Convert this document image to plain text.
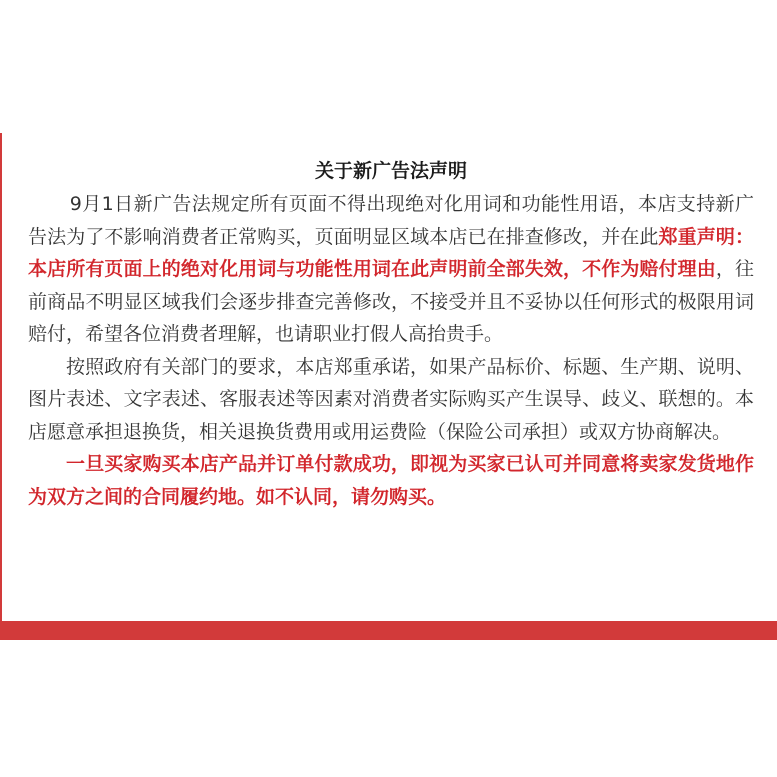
关于新广告法声明

9月1日新广告法规定所有页面不得出现绝对化用词和功能性用语，本店支持新广告法为了不影响消费者正常购买，页面明显区域本店已在排查修改，并在此郑重声明：本店所有页面上的绝对化用词与功能性用词在此声明前全部失效，不作为赔付理由，往前商品不明显区域我们会逐步排查完善修改，不接受并且不妥协以任何形式的极限用词赔付，希望各位消费者理解，也请职业打假人高抬贵手。

按照政府有关部门的要求，本店郑重承诺，如果产品标价、标题、生产期、说明、图片表述、文字表述、客服表述等因素对消费者实际购买产生误导、歧义、联想的。本店愿意承担退换货，相关退换货费用或用运费险（保险公司承担）或双方协商解决。

一旦买家购买本店产品并订单付款成功，即视为买家已认可并同意将卖家发货地作为双方之间的合同履约地。如不认同，请勿购买。
